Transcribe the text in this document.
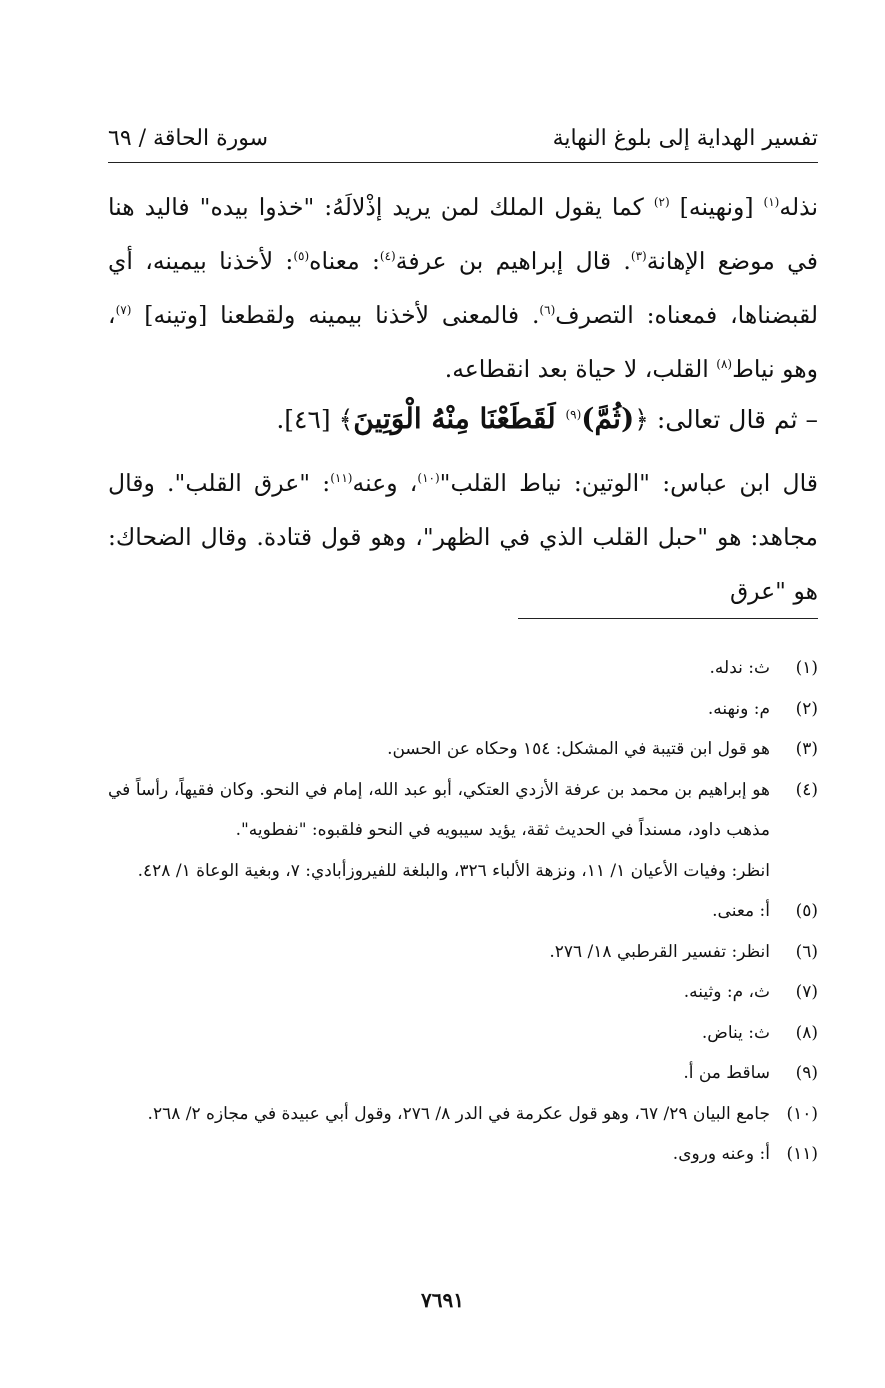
تفسير الهداية إلى بلوغ النهاية
سورة الحاقة / ٦٩

نذله$^{(١)}$ [ونهينه] $^{(٢)}$ كما يقول الملك لمن يريد إذْلالَهُ: "خذوا بيده" فاليد هنا في موضع الإهانة$^{(٣)}$. قال إبراهيم بن عرفة$^{(٤)}$: معناه$^{(٥)}$: لأخذنا بيمينه، أي لقبضناها، فمعناه: التصرف$^{(٦)}$. فالمعنى لأخذنا بيمينه ولقطعنا [وتينه] $^{(٧)}$، وهو نياط$^{(٨)}$ القلب، لا حياة بعد انقطاعه.

– ثم قال تعالى: ﴿(ثُمَّ)$^{(٩)}$ لَقَطَعْنَا مِنْهُ الْوَتِينَ﴾ [٤٦].
قال ابن عباس: "الوتين: نياط القلب"$^{(١٠)}$، وعنه$^{(١١)}$: "عرق القلب". وقال مجاهد: هو "حبل القلب الذي في الظهر"، وهو قول قتادة. وقال الضحاك: هو "عرق
(١)
ث: ندله.
(٢)
م: ونهنه.
(٣)
هو قول ابن قتيبة في المشكل: ١٥٤ وحكاه عن الحسن.
(٤)
هو إبراهيم بن محمد بن عرفة الأزدي العتكي، أبو عبد الله، إمام في النحو. وكان فقيهاً، رأساً في مذهب داود، مسنداً في الحديث ثقة، يؤيد سيبويه في النحو فلقبوه: "نفطويه".
انظر: وفيات الأعيان ١/ ١١، ونزهة الألباء ٣٢٦، والبلغة للفيروزأبادي: ٧، وبغية الوعاة ١/ ٤٢٨.
(٥)
أ: معنى.
(٦)
انظر: تفسير القرطبي ١٨/ ٢٧٦.
(٧)
ث، م: وثينه.
(٨)
ث: يناض.
(٩)
ساقط من أ.
(١٠)
جامع البيان ٢٩/ ٦٧، وهو قول عكرمة في الدر ٨/ ٢٧٦، وقول أبي عبيدة في مجازه ٢/ ٢٦٨.
(١١)
أ: وعنه وروى.
٧٦٩١
